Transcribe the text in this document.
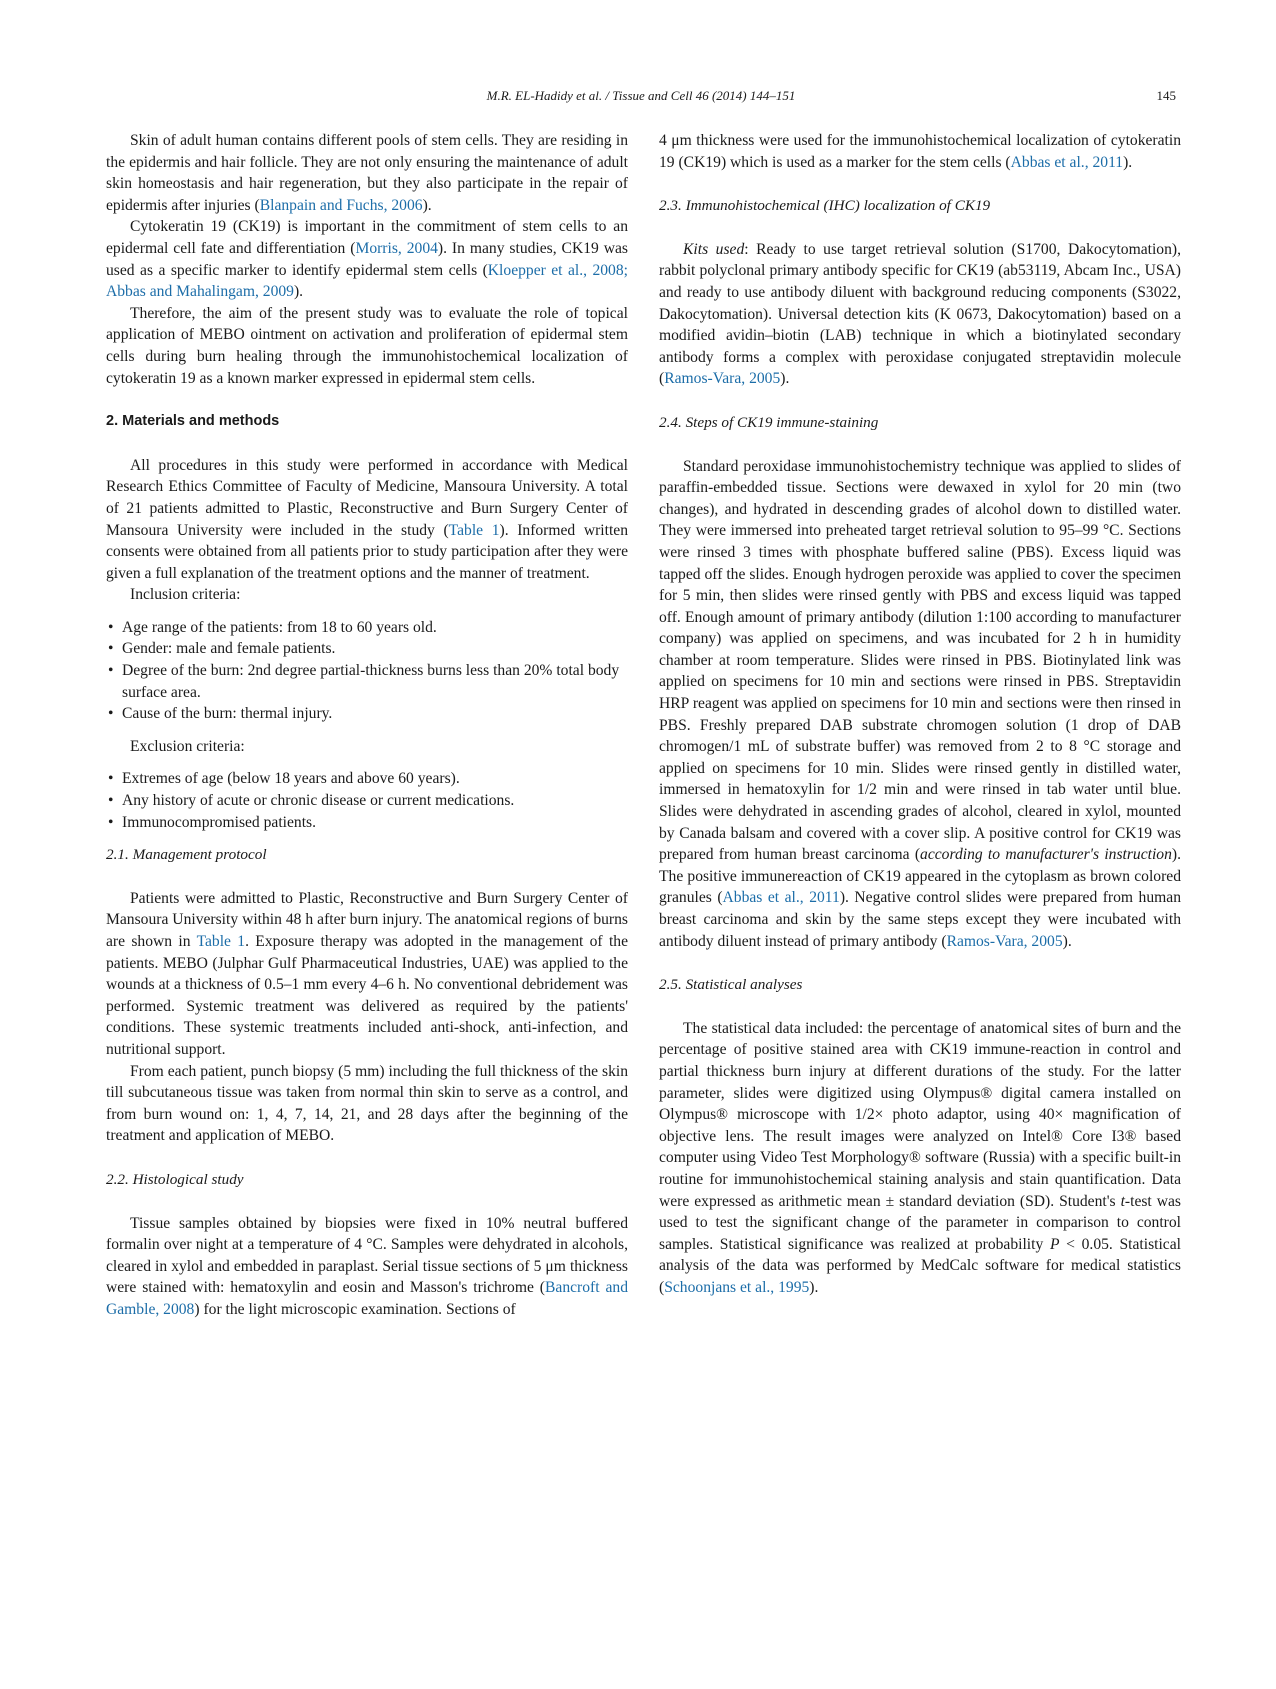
M.R. EL-Hadidy et al. / Tissue and Cell 46 (2014) 144–151	145

Skin of adult human contains different pools of stem cells. They are residing in the epidermis and hair follicle. They are not only ensuring the maintenance of adult skin homeostasis and hair regeneration, but they also participate in the repair of epidermis after injuries (Blanpain and Fuchs, 2006).

Cytokeratin 19 (CK19) is important in the commitment of stem cells to an epidermal cell fate and differentiation (Morris, 2004). In many studies, CK19 was used as a specific marker to identify epidermal stem cells (Kloepper et al., 2008; Abbas and Mahalingam, 2009).

Therefore, the aim of the present study was to evaluate the role of topical application of MEBO ointment on activation and proliferation of epidermal stem cells during burn healing through the immunohistochemical localization of cytokeratin 19 as a known marker expressed in epidermal stem cells.

2. Materials and methods

All procedures in this study were performed in accordance with Medical Research Ethics Committee of Faculty of Medicine, Mansoura University. A total of 21 patients admitted to Plastic, Reconstructive and Burn Surgery Center of Mansoura University were included in the study (Table 1). Informed written consents were obtained from all patients prior to study participation after they were given a full explanation of the treatment options and the manner of treatment.

Inclusion criteria:

• Age range of the patients: from 18 to 60 years old.
• Gender: male and female patients.
• Degree of the burn: 2nd degree partial-thickness burns less than 20% total body surface area.
• Cause of the burn: thermal injury.

Exclusion criteria:

• Extremes of age (below 18 years and above 60 years).
• Any history of acute or chronic disease or current medications.
• Immunocompromised patients.
2.1. Management protocol

Patients were admitted to Plastic, Reconstructive and Burn Surgery Center of Mansoura University within 48 h after burn injury. The anatomical regions of burns are shown in Table 1. Exposure therapy was adopted in the management of the patients. MEBO (Julphar Gulf Pharmaceutical Industries, UAE) was applied to the wounds at a thickness of 0.5–1 mm every 4–6 h. No conventional debridement was performed. Systemic treatment was delivered as required by the patients' conditions. These systemic treatments included anti-shock, anti-infection, and nutritional support.

From each patient, punch biopsy (5 mm) including the full thickness of the skin till subcutaneous tissue was taken from normal thin skin to serve as a control, and from burn wound on: 1, 4, 7, 14, 21, and 28 days after the beginning of the treatment and application of MEBO.

2.2. Histological study

Tissue samples obtained by biopsies were fixed in 10% neutral buffered formalin over night at a temperature of 4 °C. Samples were dehydrated in alcohols, cleared in xylol and embedded in paraplast. Serial tissue sections of 5 μm thickness were stained with: hematoxylin and eosin and Masson's trichrome (Bancroft and Gamble, 2008) for the light microscopic examination. Sections of

4 μm thickness were used for the immunohistochemical localization of cytokeratin 19 (CK19) which is used as a marker for the stem cells (Abbas et al., 2011).

2.3. Immunohistochemical (IHC) localization of CK19

Kits used: Ready to use target retrieval solution (S1700, Dakocytomation), rabbit polyclonal primary antibody specific for CK19 (ab53119, Abcam Inc., USA) and ready to use antibody diluent with background reducing components (S3022, Dakocytomation). Universal detection kits (K 0673, Dakocytomation) based on a modified avidin–biotin (LAB) technique in which a biotinylated secondary antibody forms a complex with peroxidase conjugated streptavidin molecule (Ramos-Vara, 2005).

2.4. Steps of CK19 immune-staining

Standard peroxidase immunohistochemistry technique was applied to slides of paraffin-embedded tissue. Sections were dewaxed in xylol for 20 min (two changes), and hydrated in descending grades of alcohol down to distilled water. They were immersed into preheated target retrieval solution to 95–99 °C. Sections were rinsed 3 times with phosphate buffered saline (PBS). Excess liquid was tapped off the slides. Enough hydrogen peroxide was applied to cover the specimen for 5 min, then slides were rinsed gently with PBS and excess liquid was tapped off. Enough amount of primary antibody (dilution 1:100 according to manufacturer company) was applied on specimens, and was incubated for 2 h in humidity chamber at room temperature. Slides were rinsed in PBS. Biotinylated link was applied on specimens for 10 min and sections were rinsed in PBS. Streptavidin HRP reagent was applied on specimens for 10 min and sections were then rinsed in PBS. Freshly prepared DAB substrate chromogen solution (1 drop of DAB chromogen/1 mL of substrate buffer) was removed from 2 to 8 °C storage and applied on specimens for 10 min. Slides were rinsed gently in distilled water, immersed in hematoxylin for 1/2 min and were rinsed in tab water until blue. Slides were dehydrated in ascending grades of alcohol, cleared in xylol, mounted by Canada balsam and covered with a cover slip. A positive control for CK19 was prepared from human breast carcinoma (according to manufacturer's instruction). The positive immunereaction of CK19 appeared in the cytoplasm as brown colored granules (Abbas et al., 2011). Negative control slides were prepared from human breast carcinoma and skin by the same steps except they were incubated with antibody diluent instead of primary antibody (Ramos-Vara, 2005).

2.5. Statistical analyses

The statistical data included: the percentage of anatomical sites of burn and the percentage of positive stained area with CK19 immune-reaction in control and partial thickness burn injury at different durations of the study. For the latter parameter, slides were digitized using Olympus® digital camera installed on Olympus® microscope with 1/2× photo adaptor, using 40× magnification of objective lens. The result images were analyzed on Intel® Core I3® based computer using Video Test Morphology® software (Russia) with a specific built-in routine for immunohistochemical staining analysis and stain quantification. Data were expressed as arithmetic mean ± standard deviation (SD). Student's t-test was used to test the significant change of the parameter in comparison to control samples. Statistical significance was realized at probability P < 0.05. Statistical analysis of the data was performed by MedCalc software for medical statistics (Schoonjans et al., 1995).
